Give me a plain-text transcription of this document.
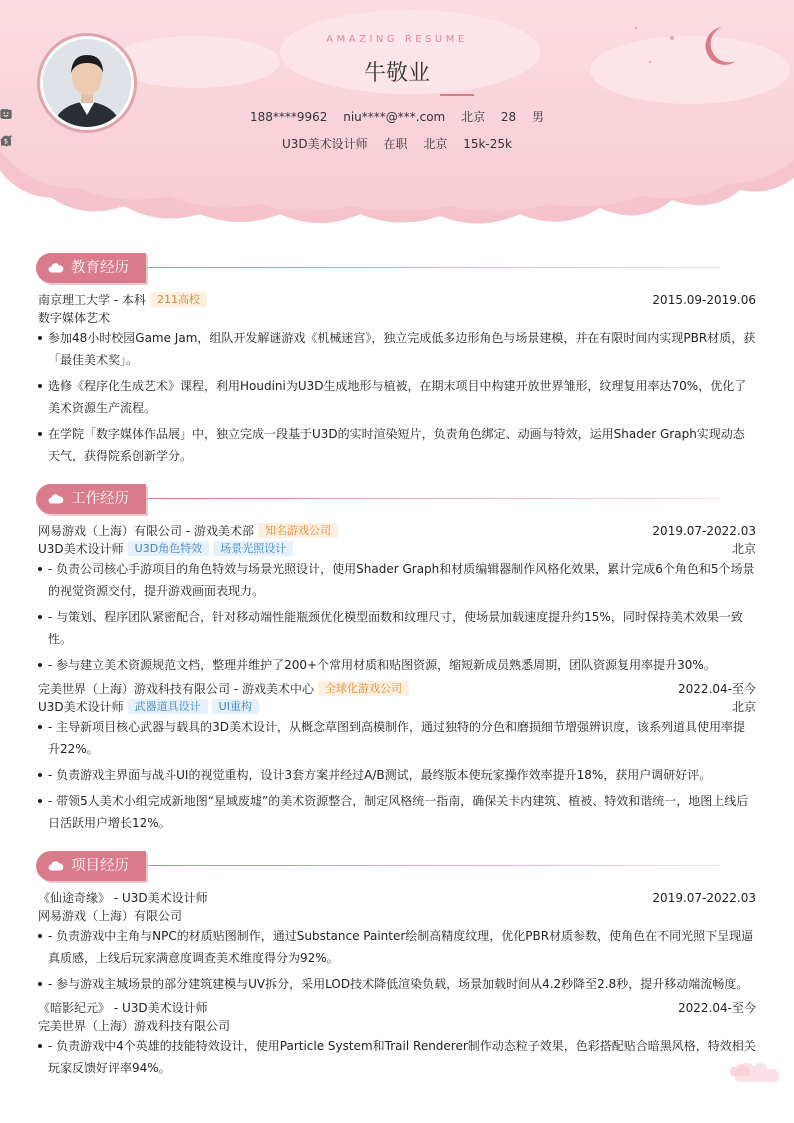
AMAZING RESUME
牛敬业
188****9962 niu****@***.com 北京 28 男
U3D美术设计师 在职 北京
$	15k-25k
教育经历
南京理工大学 - 本科 211高校	2015.09-2019.06
数字媒体艺术
参加48小时校园Game Jam，组队开发解谜游戏《机械迷宫》，独立完成低多边形角色与场景建模，并在有限时间内实现PBR材质，获「最佳美术奖」。
选修《程序化生成艺术》课程，利用Houdini为U3D生成地形与植被，在期末项目中构建开放世界雏形，纹理复用率达70%，优化了美术资源生产流程。
在学院「数字媒体作品展」中，独立完成一段基于U3D的实时渲染短片，负责角色绑定、动画与特效，运用Shader Graph实现动态天气，获得院系创新学分。
工作经历
网易游戏（上海）有限公司 - 游戏美术部 知名游戏公司	2019.07-2022.03
U3D美术设计师 U3D角色特效 场景光照设计	北京
- 负责公司核心手游项目的角色特效与场景光照设计，使用Shader Graph和材质编辑器制作风格化效果，累计完成6个角色和5个场景的视觉资源交付，提升游戏画面表现力。
- 与策划、程序团队紧密配合，针对移动端性能瓶颈优化模型面数和纹理尺寸，使场景加载速度提升约15%，同时保持美术效果一致性。
- 参与建立美术资源规范文档，整理并维护了200+个常用材质和贴图资源，缩短新成员熟悉周期，团队资源复用率提升30%。
完美世界（上海）游戏科技有限公司 - 游戏美术中心 全球化游戏公司	2022.04-至今
U3D美术设计师 武器道具设计 UI重构	北京
- 主导新项目核心武器与载具的3D美术设计，从概念草图到高模制作，通过独特的分色和磨损细节增强辨识度，该系列道具使用率提升22%。
- 负责游戏主界面与战斗UI的视觉重构，设计3套方案并经过A/B测试，最终版本使玩家操作效率提升18%，获用户调研好评。
- 带领5人美术小组完成新地图“星域废墟”的美术资源整合，制定风格统一指南，确保关卡内建筑、植被、特效和谐统一，地图上线后日活跃用户增长12%。
项目经历
《仙途奇缘》 - U3D美术设计师	2019.07-2022.03
网易游戏（上海）有限公司
- 负责游戏中主角与NPC的材质贴图制作，通过Substance Painter绘制高精度纹理，优化PBR材质参数，使角色在不同光照下呈现逼真质感，上线后玩家满意度调查美术维度得分为92%。
- 参与游戏主城场景的部分建筑建模与UV拆分，采用LOD技术降低渲染负载，场景加载时间从4.2秒降至2.8秒，提升移动端流畅度。
《暗影纪元》 - U3D美术设计师	2022.04-至今
完美世界（上海）游戏科技有限公司
- 负责游戏中4个英雄的技能特效设计，使用Particle System和Trail Renderer制作动态粒子效果，色彩搭配贴合暗黑风格，特效相关玩家反馈好评率94%。
